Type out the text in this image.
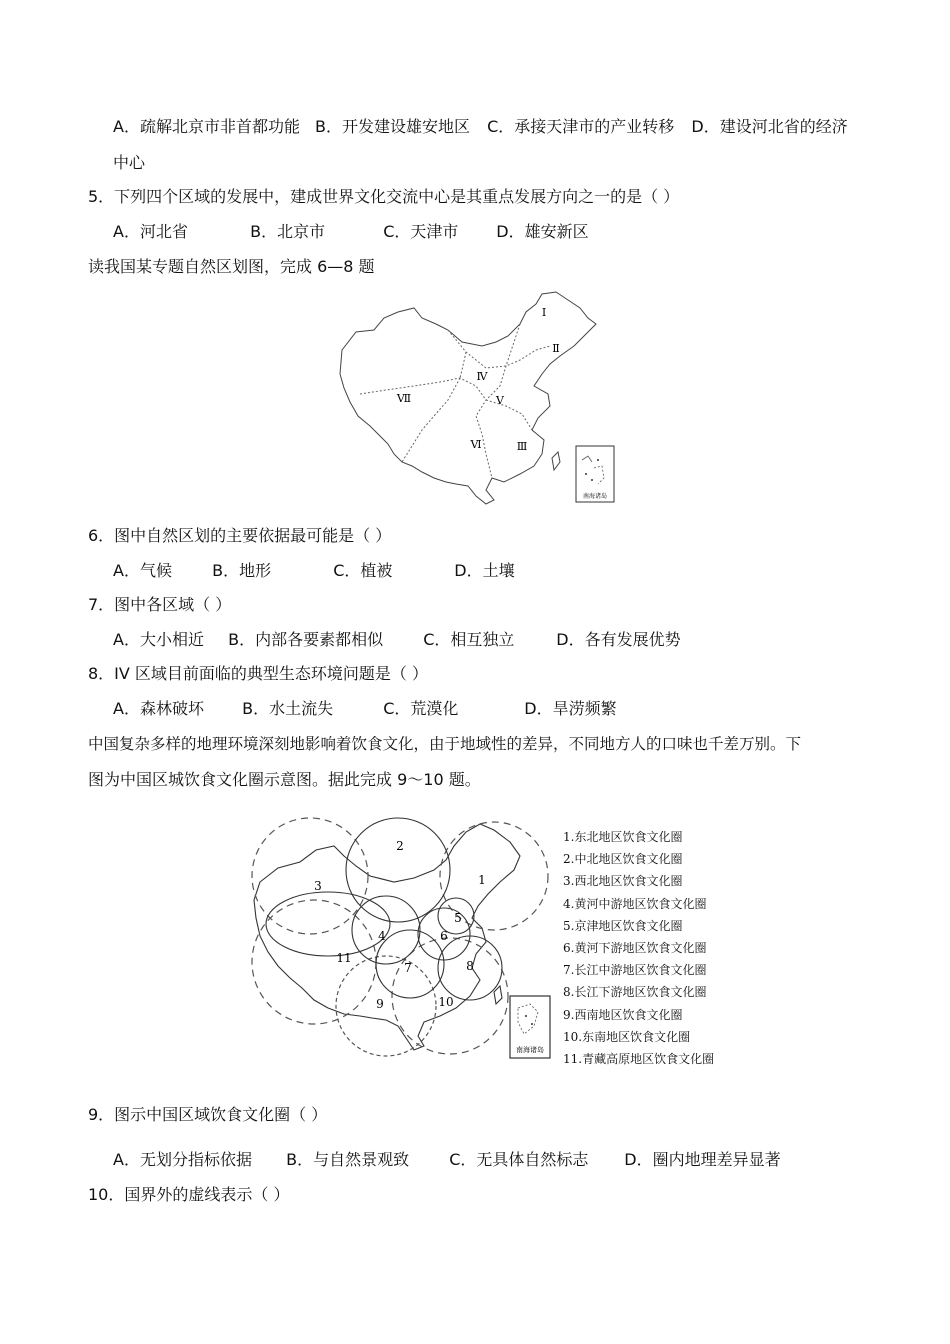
A．疏解北京市非首都功能 B．开发建设雄安地区 C．承接天津市的产业转移 D．建设河北省的经济
中心
5．下列四个区域的发展中，建成世界文化交流中心是其重点发展方向之一的是（ ）
A．河北省	B．北京市	C．天津市 D．雄安新区
读我国某专题自然区划图，完成 6—8 题
Ⅰ
Ⅱ
Ⅲ
Ⅳ
Ⅴ
Ⅵ
Ⅶ
南海诸岛
6．图中自然区划的主要依据最可能是（ ）
A．气候	B．地形	C．植被	D．土壤
7．图中各区域（ ）
A．大小相近 B．内部各要素都相似	C．相互独立	D．各有发展优势
8．IV 区域目前面临的典型生态环境问题是（ ）
A．森林破坏 B．水土流失	C．荒漠化	D．旱涝频繁
中国复杂多样的地理环境深刻地影响着饮食文化，由于地域性的差异，不同地方人的口味也千差万别。下
图为中国区城饮食文化圈示意图。据此完成 9～10 题。
1
2
3
4
5
6
7	8
9	10
11
南海诸岛
1.东北地区饮食文化圈
2.中北地区饮食文化圈
3.西北地区饮食文化圈
4.黄河中游地区饮食文化圈
5.京津地区饮食文化圈
6.黄河下游地区饮食文化圈
7.长江中游地区饮食文化圈
8.长江下游地区饮食文化圈
9.西南地区饮食文化圈
10.东南地区饮食文化圈
11.青藏高原地区饮食文化圈
9．图示中国区域饮食文化圈（ ）
A．无划分指标依据 B．与自然景观致	C．无具体自然标志 D．圈内地理差异显著
10．国界外的虚线表示（ ）
